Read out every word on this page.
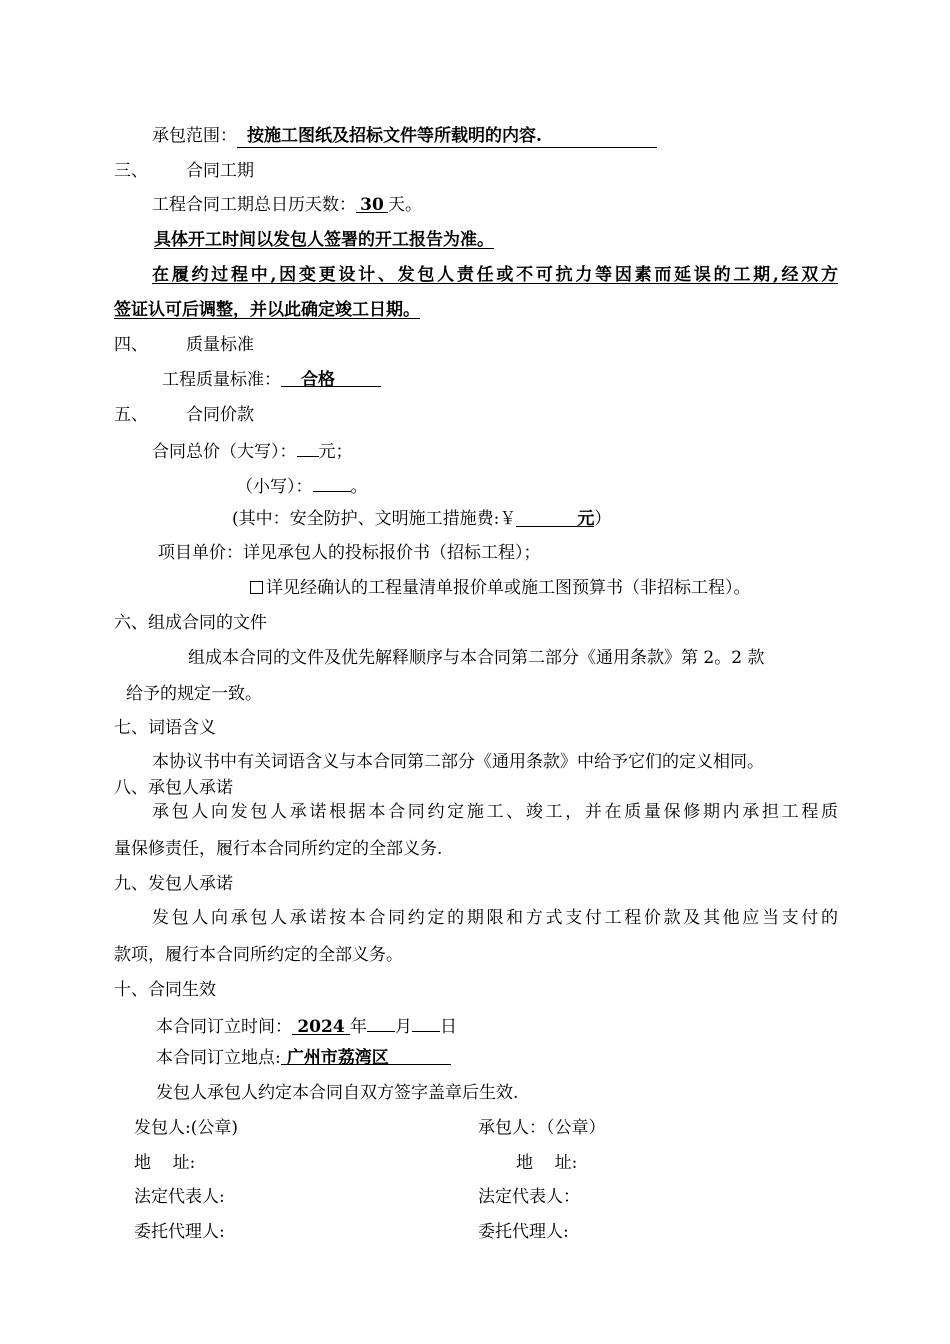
承包范围： 按施工图纸及招标文件等所载明的内容.
三、 合同工期
工程合同工期总日历天数： 30 天。
具体开工时间以发包人签署的开工报告为准。
在履约过程中,因变更设计、发包人责任或不可抗力等因素而延误的工期,经双方
签证认可后调整，并以此确定竣工日期。
四、 质量标准
工程质量标准： 合格
五、 合同价款
合同总价（大写）： 元；
（小写）： 。
(其中：安全防护、文明施工措施费:￥	元）
项目单价：详见承包人的投标报价书（招标工程）；
详见经确认的工程量清单报价单或施工图预算书（非招标工程）。
六、组成合同的文件
组成本合同的文件及优先解释顺序与本合同第二部分《通用条款》第 2。2 款
给予的规定一致。
七、词语含义
本协议书中有关词语含义与本合同第二部分《通用条款》中给予它们的定义相同。
八、承包人承诺
承包人向发包人承诺根据本合同约定施工、竣工，并在质量保修期内承担工程质
量保修责任，履行本合同所约定的全部义务.
九、发包人承诺
发包人向承包人承诺按本合同约定的期限和方式支付工程价款及其他应当支付的
款项，履行本合同所约定的全部义务。
十、合同生效
本合同订立时间： 2024 年 月 日
本合同订立地点: 广州市荔湾区
发包人承包人约定本合同自双方签字盖章后生效.
发包人:(公章)	承包人：（公章）
地    址:	地    址:
法定代表人:	法定代表人：
委托代理人:	委托代理人:
